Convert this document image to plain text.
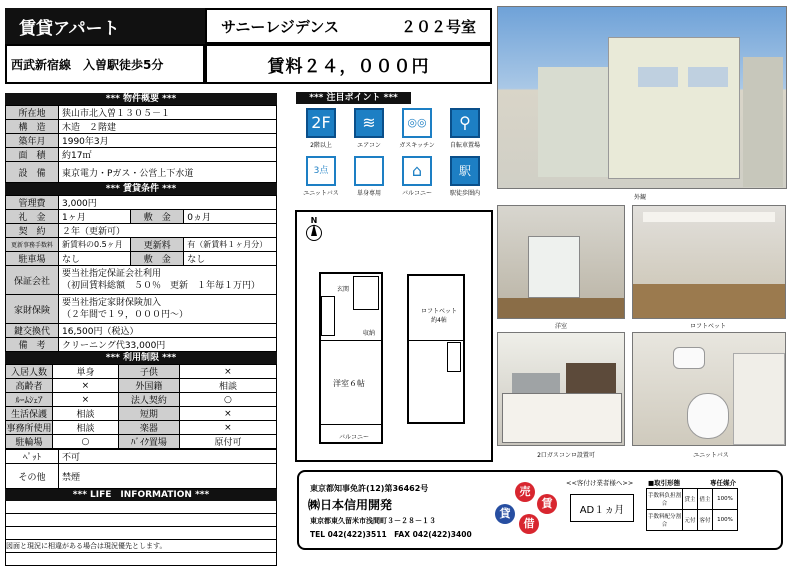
賃貸アパート	サニーレジデンス	２０２号室
西武新宿線　入曽駅徒歩5分	賃料２４，０００円
*** 物件概要 ***
所在地	狭山市北入曽１３０５－１
構　造	木造　２階建
築年月	1990年3月
面　積	約17㎡
設　備	東京電力・Pガス・公営上下水道
*** 賃貸条件 ***
管理費	3,000円		
礼　金	1ヶ月	敷　金	0ヵ月
契　約	２年（更新可）		
更新事務手数料	新賃料の0.5ヶ月	更新料	有（新賃料１ヶ月分）
駐車場	なし	敷　金	なし
保証会社	要当社指定保証会社利用
（初回賃料総額　５０％　更新　１年毎１万円）		

家財保険	要当社指定家財保険加入
（２年間で１９，０００円～）		

鍵交換代	16,500円（税込）		
備　考	クリーニング代33,000円		
*** 利用制限 ***
入居人数	単身	子供	×
高齢者	×	外国籍	相談
ﾙｰﾑｼｪｱ	×	法人契約	○
生活保護	相談	短期	×
事務所使用	相談	楽器	×
駐輪場	○	ﾊﾞｲｸ置場	原付可
ﾍﾟｯﾄ	不可
その他	禁煙
*** LIFE　INFORMATION ***
*** 注目ポイント ***
2F
2階以上
≋
エアコン
◎◎
ガスキッチン
⚲
自転車置場
3点
ユニットバス	単身専用
⌂
バルコニー
駅
駅徒歩圏内
N
玄関
収納
洋室６帖
バルコニー
ロフトベット
約4帖
外観
洋室	ロフトベット
2口ガスコンロ設置可	ユニットバス
東京都知事免許(12)第36462号
㈱日本信用開発
東京都東久留米市浅間町３－２８－１３
TEL 042(422)3511　FAX 042(422)3400
売
賃
貸
借
<<客付け業者様へ>>
AD１ヵ月
■取引形態	専任媒介
手数料負担割合	貸主	借主	100%
手数料配分割合	元付	客付	100%
図面と現況に相違がある場合は現況優先とします。
